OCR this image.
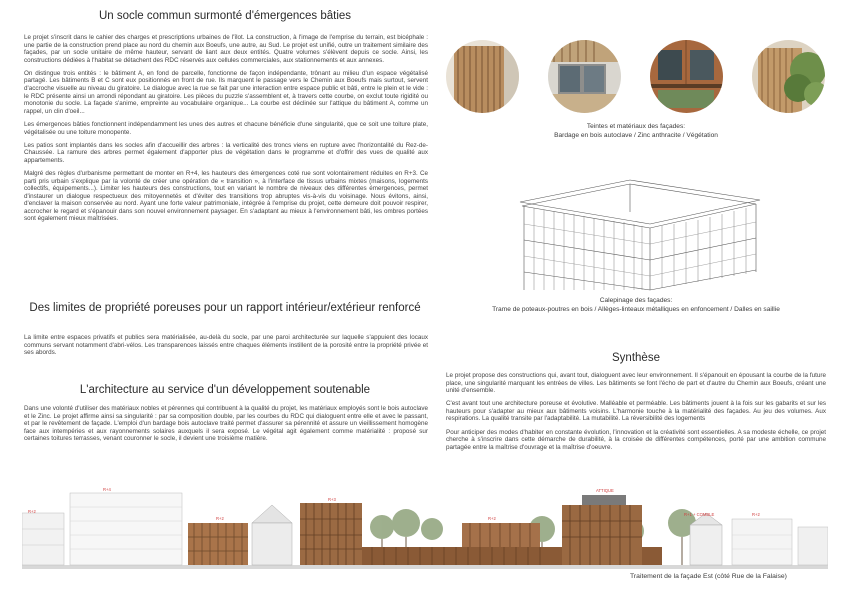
Un socle commun surmonté d'émergences bâties

Le projet s'inscrit dans le cahier des charges et prescriptions urbaines de l'îlot. La construction, à l'image de l'emprise du terrain, est bicéphale : une partie de la construction prend place au nord du chemin aux Boeufs, une autre, au Sud. Le projet est unifié, outre un traitement similaire des façades, par un socle unitaire de même hauteur, servant de liant aux deux entités. Quatre volumes s'élèvent depuis ce socle. Ainsi, les constructions dédiées à l'habitat se détachent des RDC réservés aux cellules commerciales, aux stationnements et aux annexes.

On distingue trois entités : le bâtiment A, en fond de parcelle, fonctionne de façon indépendante, trônant au milieu d'un espace végétalisé partagé. Les bâtiments B et C sont eux positionnés en front de rue. Ils marquent le passage vers le Chemin aux Boeufs mais surtout, servent d'accroche visuelle au niveau du giratoire. Le dialogue avec la rue se fait par une interaction entre espace public et bâti, entre le plein et le vide : le RDC présente ainsi un arrondi répondant au giratoire. Les pièces du puzzle s'assemblent et, à travers cette courbe, on exclut toute rigidité ou monotonie du socle. La façade s'anime, empreinte au vocabulaire organique... La courbe est déclinée sur l'attique du bâtiment A, comme un rappel, un clin d'oeil...

Les émergences bâties fonctionnent indépendamment les unes des autres et chacune bénéficie d'une singularité, que ce soit une toiture plate, végétalisée ou une toiture monopente.

Les patios sont implantés dans les socles afin d'accueillir des arbres : la verticalité des troncs viens en rupture avec l'horizontalité du Rez-de-Chaussée. La ramure des arbres permet également d'apporter plus de végétation dans le programme et d'offrir des vues de qualité aux appartements.

Malgré des règles d'urbanisme permettant de monter en R+4, les hauteurs des émergences coté rue sont volontairement réduites en R+3. Ce parti pris urbain s'explique par la volonté de créer une opération de « transition », à l'interface de tissus urbains mixtes (maisons, logements collectifs, équipements...). Limiter les hauteurs des constructions, tout en variant le nombre de niveaux des différentes émergences, permet d'instaurer un dialogue respectueux des mitoyennetés et d'éviter des transitions trop abruptes vis-à-vis du voisinage. Nous évitons, ainsi, d'enclaver la maison conservée au nord. Ayant une forte valeur patrimoniale, intégrée à l'emprise du projet, cette demeure doit pouvoir respirer, accrocher le regard et s'épanouir dans son nouvel environnement paysager. En s'adaptant au mieux à l'environnement bâti, les ombres portées sont également mieux maîtrisées.

Des limites de propriété poreuses pour un rapport intérieur/extérieur renforcé

La limite entre espaces privatifs et publics sera matérialisée, au-delà du socle, par une paroi architecturée sur laquelle s'appuient des locaux communs servant notamment d'abri-vélos. Les transparences laissés entre chaques éléments instillent de la porosité entre la propriété privée et ses abords.

L'architecture au service d'un développement soutenable

Dans une volonté d'utiliser des matériaux nobles et pérennes qui contribuent à la qualité du projet, les matériaux employés sont le bois autoclave et le Zinc. Le projet affirme ainsi sa singularité : par sa composition double, par les courbes du RDC qui dialoguent entre elle et avec le passant, et par le revêtement de façade. L'emploi d'un bardage bois autoclave traité permet d'assurer sa pérennité et assure un vieillissement homogène face aux intempéries et aux rayonnements solaires auxquels il sera exposé. Le végétal agit également comme matérialité : proposé sur certaines toitures terrasses, venant couronner le socle, il devient une troisième matière.

Teintes et matériaux des façades:
Bardage en bois autoclave / Zinc anthracite / Végétation
Calepinage des façades:
Trame de poteaux-poutres en bois / Allèges-linteaux métalliques en enfoncement / Dalles en saillie
Synthèse

Le projet propose des constructions qui, avant tout, dialoguent avec leur environnement. Il s'épanouit en épousant la courbe de la future place, une singularité marquant les entrées de villes. Les bâtiments se font l'écho de part et d'autre du Chemin aux Boeufs, créant une unité d'ensemble.

C'est avant tout une architecture poreuse et évolutive. Malléable et perméable. Les bâtiments jouent à la fois sur les gabarits et sur les hauteurs pour s'adapter au mieux aux bâtiments voisins. L'harmonie touche à la matérialité des façades. Au jeu des volumes. Aux respirations. La qualité transite par l'adaptabilité. La mutabilité. La réversibilité des logements

Pour anticiper des modes d'habiter en constante évolution, l'innovation et la créativité sont essentielles. A sa modeste échelle, ce projet cherche à s'inscrire dans cette démarche de durabilité, à la croisée de différentes compétences, porté par une ambition commune partagée entre la maîtrise d'ouvrage et la maîtrise d'oeuvre.

R+2
R+4
R+2
R+3
R+2
ATTIQUE
R+1 + COMBLE	R+2
Traitement de la façade Est (côté Rue de la Falaise)
